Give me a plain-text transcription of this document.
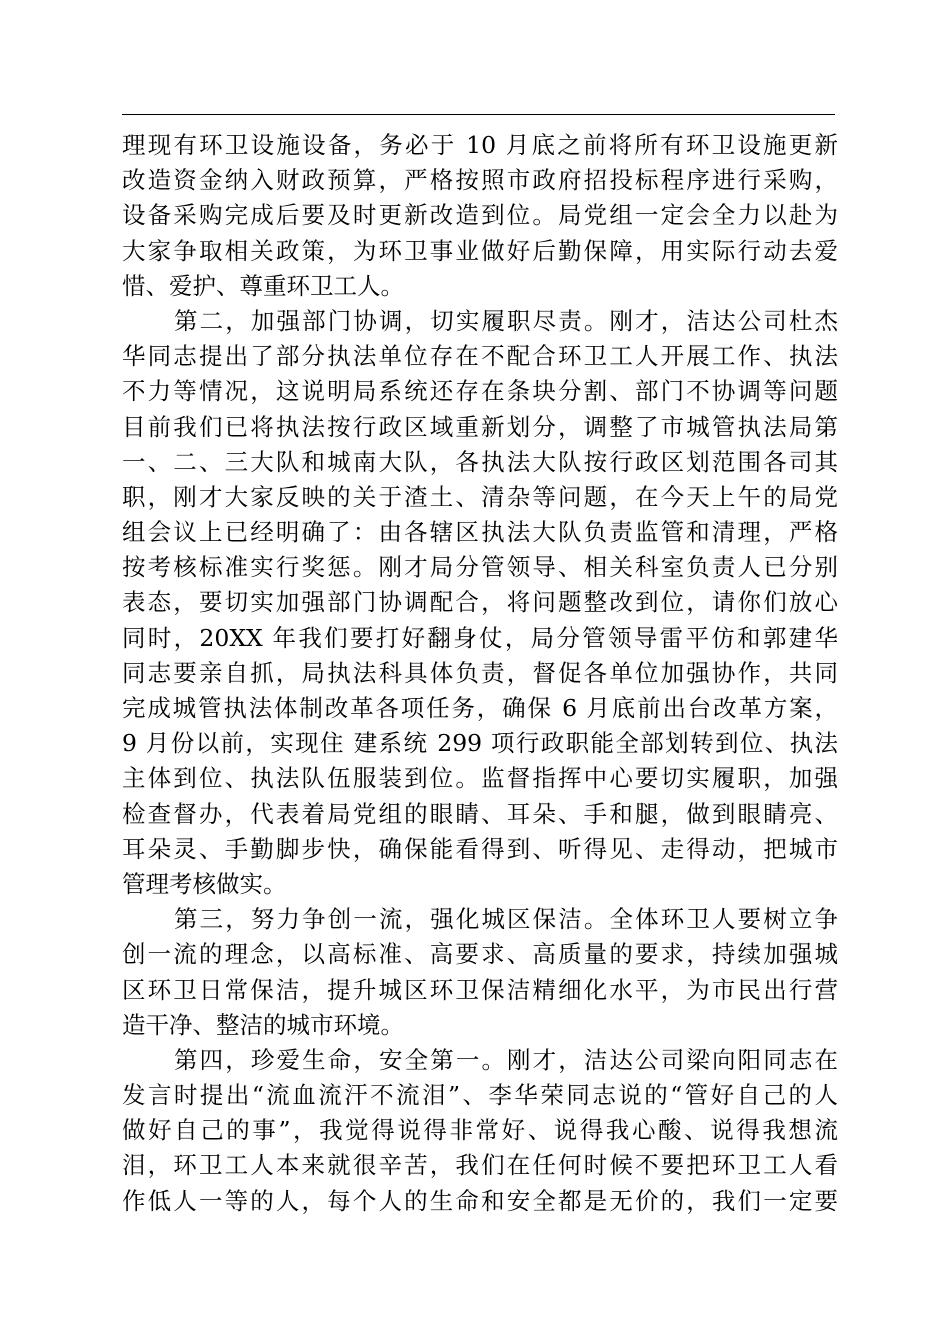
理现有环卫设施设备，务必于 10 月底之前将所有环卫设施更新
改造资金纳入财政预算，严格按照市政府招投标程序进行采购，
设备采购完成后要及时更新改造到位。局党组一定会全力以赴为
大家争取相关政策，为环卫事业做好后勤保障，用实际行动去爱
惜、爱护、尊重环卫工人。
第二，加强部门协调，切实履职尽责。刚才，洁达公司杜杰
华同志提出了部分执法单位存在不配合环卫工人开展工作、执法
不力等情况，这说明局系统还存在条块分割、部门不协调等问题
目前我们已将执法按行政区域重新划分，调整了市城管执法局第
一、二、三大队和城南大队，各执法大队按行政区划范围各司其
职，刚才大家反映的关于渣土、清杂等问题，在今天上午的局党
组会议上已经明确了：由各辖区执法大队负责监管和清理，严格
按考核标准实行奖惩。刚才局分管领导、相关科室负责人已分别
表态，要切实加强部门协调配合，将问题整改到位，请你们放心
同时，20XX 年我们要打好翻身仗，局分管领导雷平仿和郭建华
同志要亲自抓，局执法科具体负责，督促各单位加强协作，共同
完成城管执法体制改革各项任务，确保 6 月底前出台改革方案，
9 月份以前，实现住 建系统 299 项行政职能全部划转到位、执法
主体到位、执法队伍服装到位。监督指挥中心要切实履职，加强
检查督办，代表着局党组的眼睛、耳朵、手和腿，做到眼睛亮、
耳朵灵、手勤脚步快，确保能看得到、听得见、走得动，把城市
管理考核做实。
第三，努力争创一流，强化城区保洁。全体环卫人要树立争
创一流的理念，以高标准、高要求、高质量的要求，持续加强城
区环卫日常保洁，提升城区环卫保洁精细化水平，为市民出行营
造干净、整洁的城市环境。
第四，珍爱生命，安全第一。刚才，洁达公司梁向阳同志在
发言时提出“流血流汗不流泪”、李华荣同志说的“管好自己的人
做好自己的事”，我觉得说得非常好、说得我心酸、说得我想流
泪，环卫工人本来就很辛苦，我们在任何时候不要把环卫工人看
作低人一等的人，每个人的生命和安全都是无价的，我们一定要
